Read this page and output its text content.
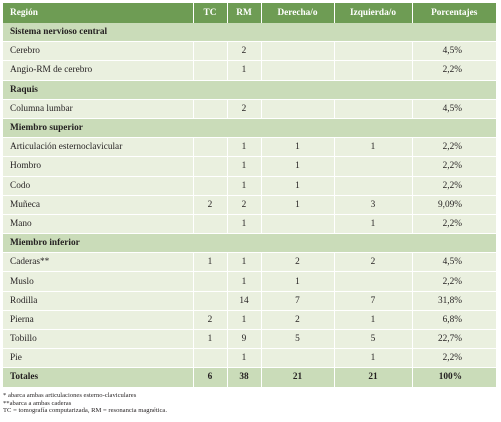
Región	TC	RM	Derecha/o	Izquierda/o	Porcentajes
Sistema nervioso central					
Cerebro		2			4,5%
Angio-RM de cerebro		1			2,2%
Raquis					
Columna lumbar		2			4,5%
Miembro superior					
Articulación esternoclavicular		1	1	1	2,2%
Hombro		1	1		2,2%
Codo		1	1		2,2%
Muñeca	2	2	1	3	9,09%
Mano		1		1	2,2%
Miembro inferior					
Caderas**	1	1	2	2	4,5%
Muslo		1	1		2,2%
Rodilla		14	7	7	31,8%
Pierna	2	1	2	1	6,8%
Tobillo	1	9	5	5	22,7%
Pie		1		1	2,2%
Totales	6	38	21	21	100%
* abarca ambas articulaciones esterno-claviculares
**abarca a ambas caderas
TC = tomografía computarizada, RM = resonancia magnética.
